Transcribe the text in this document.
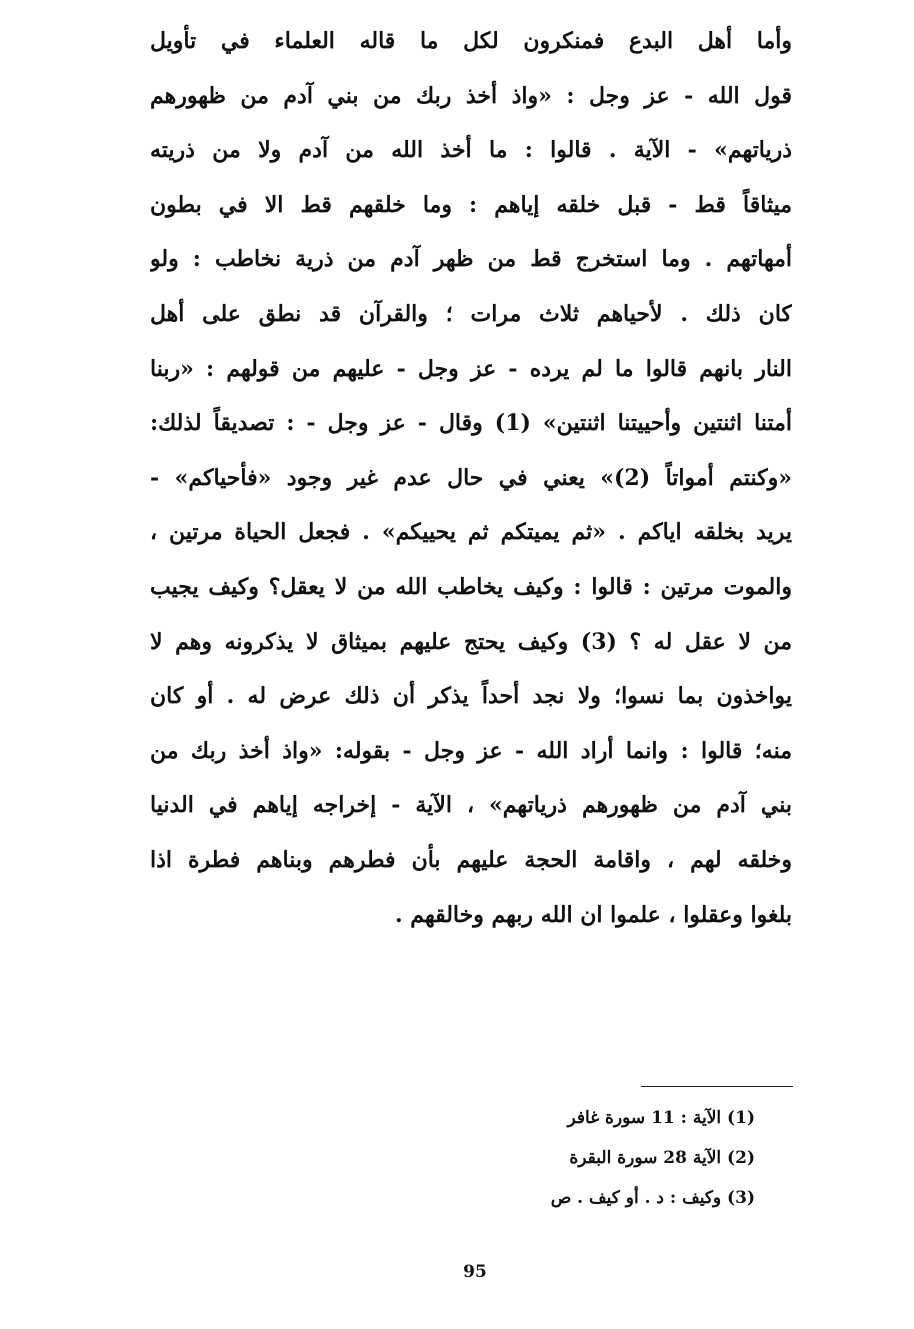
وأما أهل البدع فمنكرون لكل ما قاله العلماء في تأويل
قول الله - عز وجل : «واذ أخذ ربك من بني آدم من ظهورهم
ذرياتهم» - الآية . قالوا : ما أخذ الله من آدم ولا من ذريته
ميثاقاً قط - قبل خلقه إياهم : وما خلقهم قط الا في بطون
أمهاتهم . وما استخرج قط من ظهر آدم من ذرية نخاطب : ولو
كان ذلك . لأحياهم ثلاث مرات ؛ والقرآن قد نطق على أهل
النار بانهم قالوا ما لم يرده - عز وجل - عليهم من قولهم : «ربنا
أمتنا اثنتين وأحييتنا اثنتين» (1) وقال - عز وجل - : تصديقاً لذلك:
«وكنتم أمواتاً (2)» يعني في حال عدم غير وجود «فأحياكم» -
يريد بخلقه اياكم . «ثم يميتكم ثم يحييكم» . فجعل الحياة مرتين ،
والموت مرتين : قالوا : وكيف يخاطب الله من لا يعقل؟ وكيف يجيب
من لا عقل له ؟ (3) وكيف يحتج عليهم بميثاق لا يذكرونه وهم لا
يواخذون بما نسوا؛ ولا نجد أحداً يذكر أن ذلك عرض له . أو كان
منه؛ قالوا : وانما أراد الله - عز وجل - بقوله: «واذ أخذ ربك من
بني آدم من ظهورهم ذرياتهم» ، الآية - إخراجه إياهم في الدنيا
وخلقه لهم ، واقامة الحجة عليهم بأن فطرهم وبناهم فطرة اذا
بلغوا وعقلوا ، علموا ان الله ربهم وخالقهم .
(1) الآية : 11 سورة غافر
(2) الآية 28 سورة البقرة
(3) وكيف : د . أو كيف . ص
95
